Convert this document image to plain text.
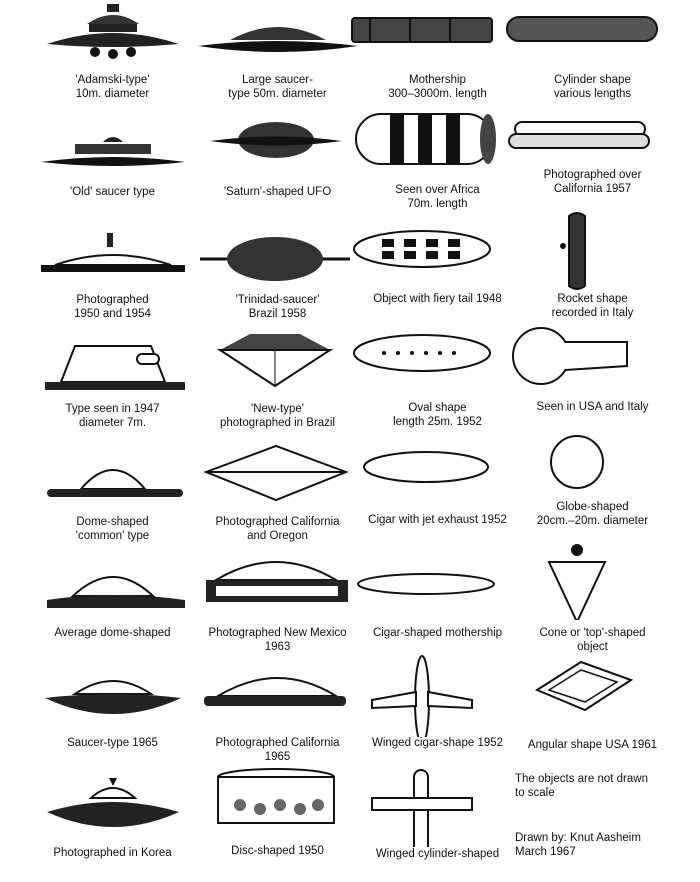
'Adamski-type'
10m. diameter
Large saucer-
type 50m. diameter
Mothership
300–3000m. length
Cylinder shape
various lengths
'Old' saucer type	'Saturn'-shaped UFO	Seen over Africa
70m. length
Photographed over
California 1957
Photographed
1950 and 1954
'Trinidad-saucer'
Brazil 1958
Object with fiery tail 1948	Rocket shape
recorded in Italy
Type seen in 1947
diameter 7m.
'New-type'
photographed in Brazil
Oval shape
length 25m. 1952
Seen in USA and Italy
Dome-shaped
'common' type
Photographed California
and Oregon
Cigar with jet exhaust 1952
Globe-shaped
20cm.–20m. diameter
Average dome-shaped	Photographed New Mexico
1963
Cigar-shaped mothership	Cone or 'top'-shaped
object
Saucer-type 1965	Photographed California
1965
Winged cigar-shape 1952	Angular shape USA 1961
Photographed in Korea	Disc-shaped 1950	Winged cylinder-shaped
The objects are not drawn
to scale
Drawn by: Knut Aasheim
March 1967
